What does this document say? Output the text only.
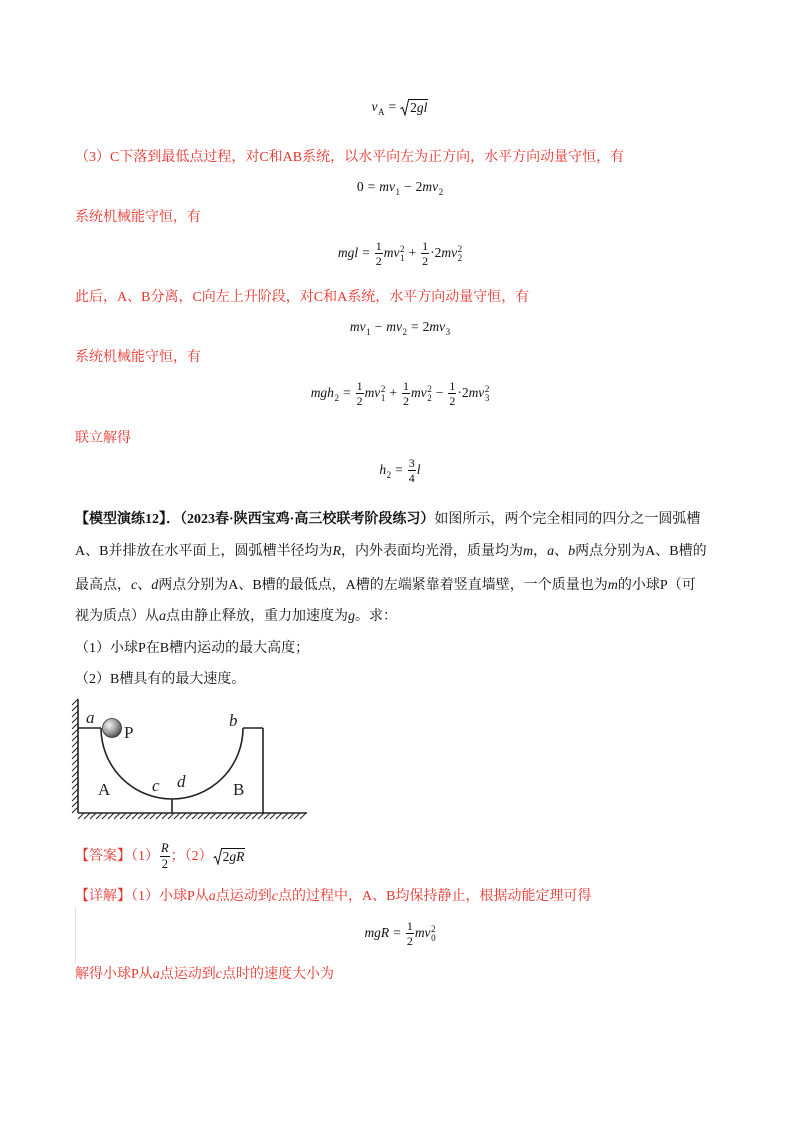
$v_A = 2gl$
（3）C下落到最低点过程，对C和AB系统，以水平向左为正方向，水平方向动量守恒，有
$0 = mv_1 - 2mv_2$
系统机械能守恒，有
mgl = $\frac{1}{2}$ mv 2
$1 + \frac{1}{2} \cdot 2mv$ 2
2
此后，A、B分离，C向左上升阶段，对C和A系统，水平方向动量守恒，有
$mv_1 - mv_2 = 2mv_3$
系统机械能守恒，有
$mgh_2 = \frac{1}{2}$ mv 2
$1 + \frac{1}{2}$ mv 2
$2 - \frac{1}{2} \cdot 2mv$ 2
3
联立解得
$h_2 = \frac{3}{4}$ l
【模型演练12】．（2023春·陕西宝鸡·高三校联考阶段练习）如图所示，两个完全相同的四分之一圆弧槽
A、B并排放在水平面上，圆弧槽半径均为R，内外表面均光滑，质量均为m，a、b两点分别为A、B槽的
最高点，c、d两点分别为A、B槽的最低点，A槽的左端紧靠着竖直墙壁，一个质量也为m的小球P（可
视为质点）从a点由静止释放，重力加速度为g。求：
（1）小球P在B槽内运动的最大高度；
（2）B槽具有的最大速度。
a
P
b
c d
A	B
【答案】$(1) \frac{R}{2}$ ；（2） 2gR
【详解】（1）小球P从a点运动到c点的过程中，A、B均保持静止，根据动能定理可得
mgR = $\frac{1}{2}$ mv 2
0
解得小球P从a点运动到c点时的速度大小为
